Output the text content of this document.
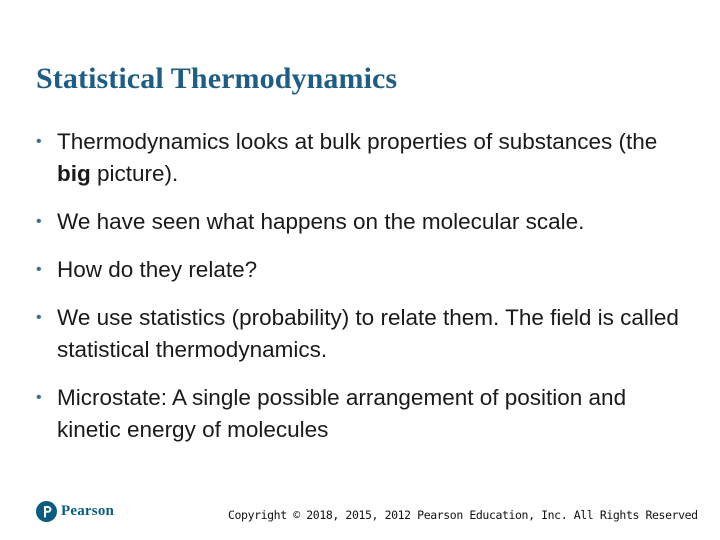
Statistical Thermodynamics
• Thermodynamics looks at bulk properties of substances (the big picture).
• We have seen what happens on the molecular scale.
• How do they relate?
• We use statistics (probability) to relate them. The field is called statistical thermodynamics.
• Microstate: A single possible arrangement of position and kinetic energy of molecules
Pearson	Copyright © 2018, 2015, 2012 Pearson Education, Inc. All Rights Reserved
